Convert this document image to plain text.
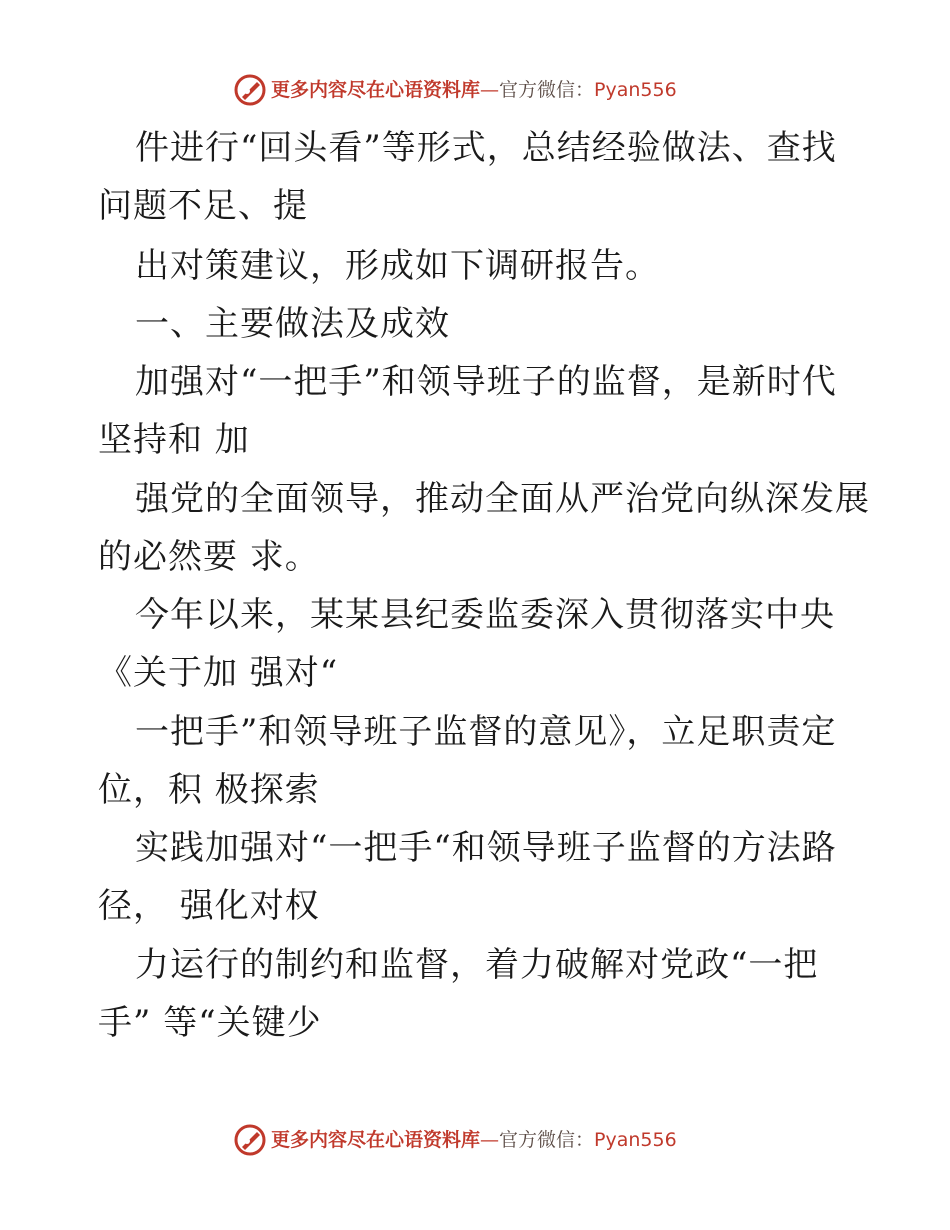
更多内容尽在心语资料库—官方微信：Pyan556
件进行“回头看”等形式，总结经验做法、查找
问题不足、提
出对策建议，形成如下调研报告。
一、主要做法及成效
加强对“一把手”和领导班子的监督，是新时代
坚持和 加
强党的全面领导，推动全面从严治党向纵深发展
的必然要 求。
今年以来，某某县纪委监委深入贯彻落实中央
《关于加 强对“
一把手”和领导班子监督的意见》，立足职责定
位，积 极探索
实践加强对“一把手“和领导班子监督的方法路
径， 强化对权
力运行的制约和监督，着力破解对党政“一把
手” 等“关键少
更多内容尽在心语资料库—官方微信：Pyan556
